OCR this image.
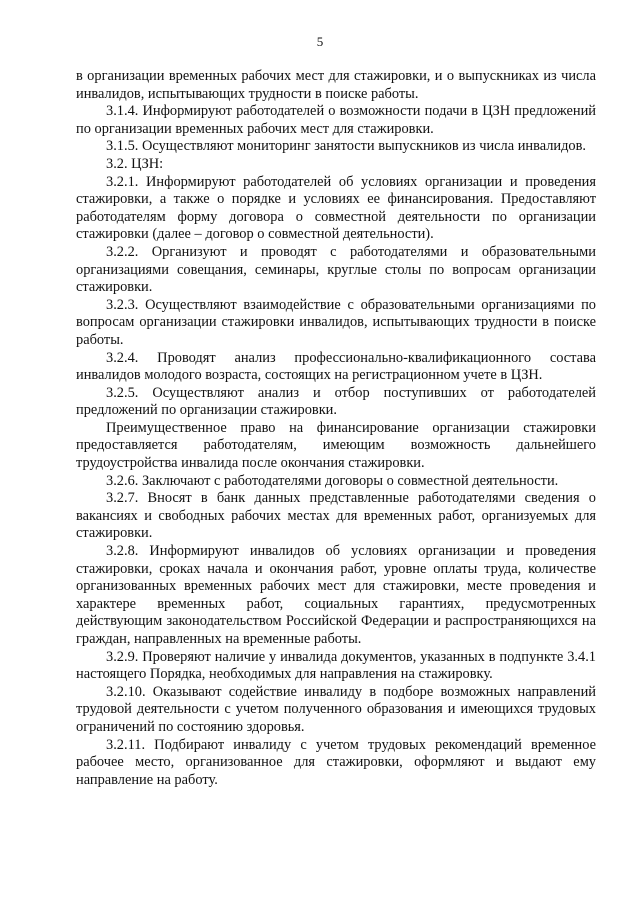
5

в организации временных рабочих мест для стажировки, и о выпускниках из числа инвалидов, испытывающих трудности в поиске работы.

3.1.4. Информируют работодателей о возможности подачи в ЦЗН предложений по организации временных рабочих мест для стажировки.

3.1.5. Осуществляют мониторинг занятости выпускников из числа инвалидов.

3.2. ЦЗН:

3.2.1. Информируют работодателей об условиях организации и проведения стажировки, а также о порядке и условиях ее финансирования. Предоставляют работодателям форму договора о совместной деятельности по организации стажировки (далее – договор о совместной деятельности).

3.2.2. Организуют и проводят с работодателями и образовательными организациями совещания, семинары, круглые столы по вопросам организации стажировки.

3.2.3. Осуществляют взаимодействие с образовательными организациями по вопросам организации стажировки инвалидов, испытывающих трудности в поиске работы.

3.2.4. Проводят анализ профессионально-квалификационного состава инвалидов молодого возраста, состоящих на регистрационном учете в ЦЗН.

3.2.5. Осуществляют анализ и отбор поступивших от работодателей предложений по организации стажировки.

Преимущественное право на финансирование организации стажировки предоставляется работодателям, имеющим возможность дальнейшего трудоустройства инвалида после окончания стажировки.

3.2.6. Заключают с работодателями договоры о совместной деятельности.

3.2.7. Вносят в банк данных представленные работодателями сведения о вакансиях и свободных рабочих местах для временных работ, организуемых для стажировки.

3.2.8. Информируют инвалидов об условиях организации и проведения стажировки, сроках начала и окончания работ, уровне оплаты труда, количестве организованных временных рабочих мест для стажировки, месте проведения и характере временных работ, социальных гарантиях, предусмотренных действующим законодательством Российской Федерации и распространяющихся на граждан, направленных на временные работы.

3.2.9. Проверяют наличие у инвалида документов, указанных в подпункте 3.4.1 настоящего Порядка, необходимых для направления на стажировку.

3.2.10. Оказывают содействие инвалиду в подборе возможных направлений трудовой деятельности с учетом полученного образования и имеющихся трудовых ограничений по состоянию здоровья.

3.2.11. Подбирают инвалиду с учетом трудовых рекомендаций временное рабочее место, организованное для стажировки, оформляют и выдают ему направление на работу.
